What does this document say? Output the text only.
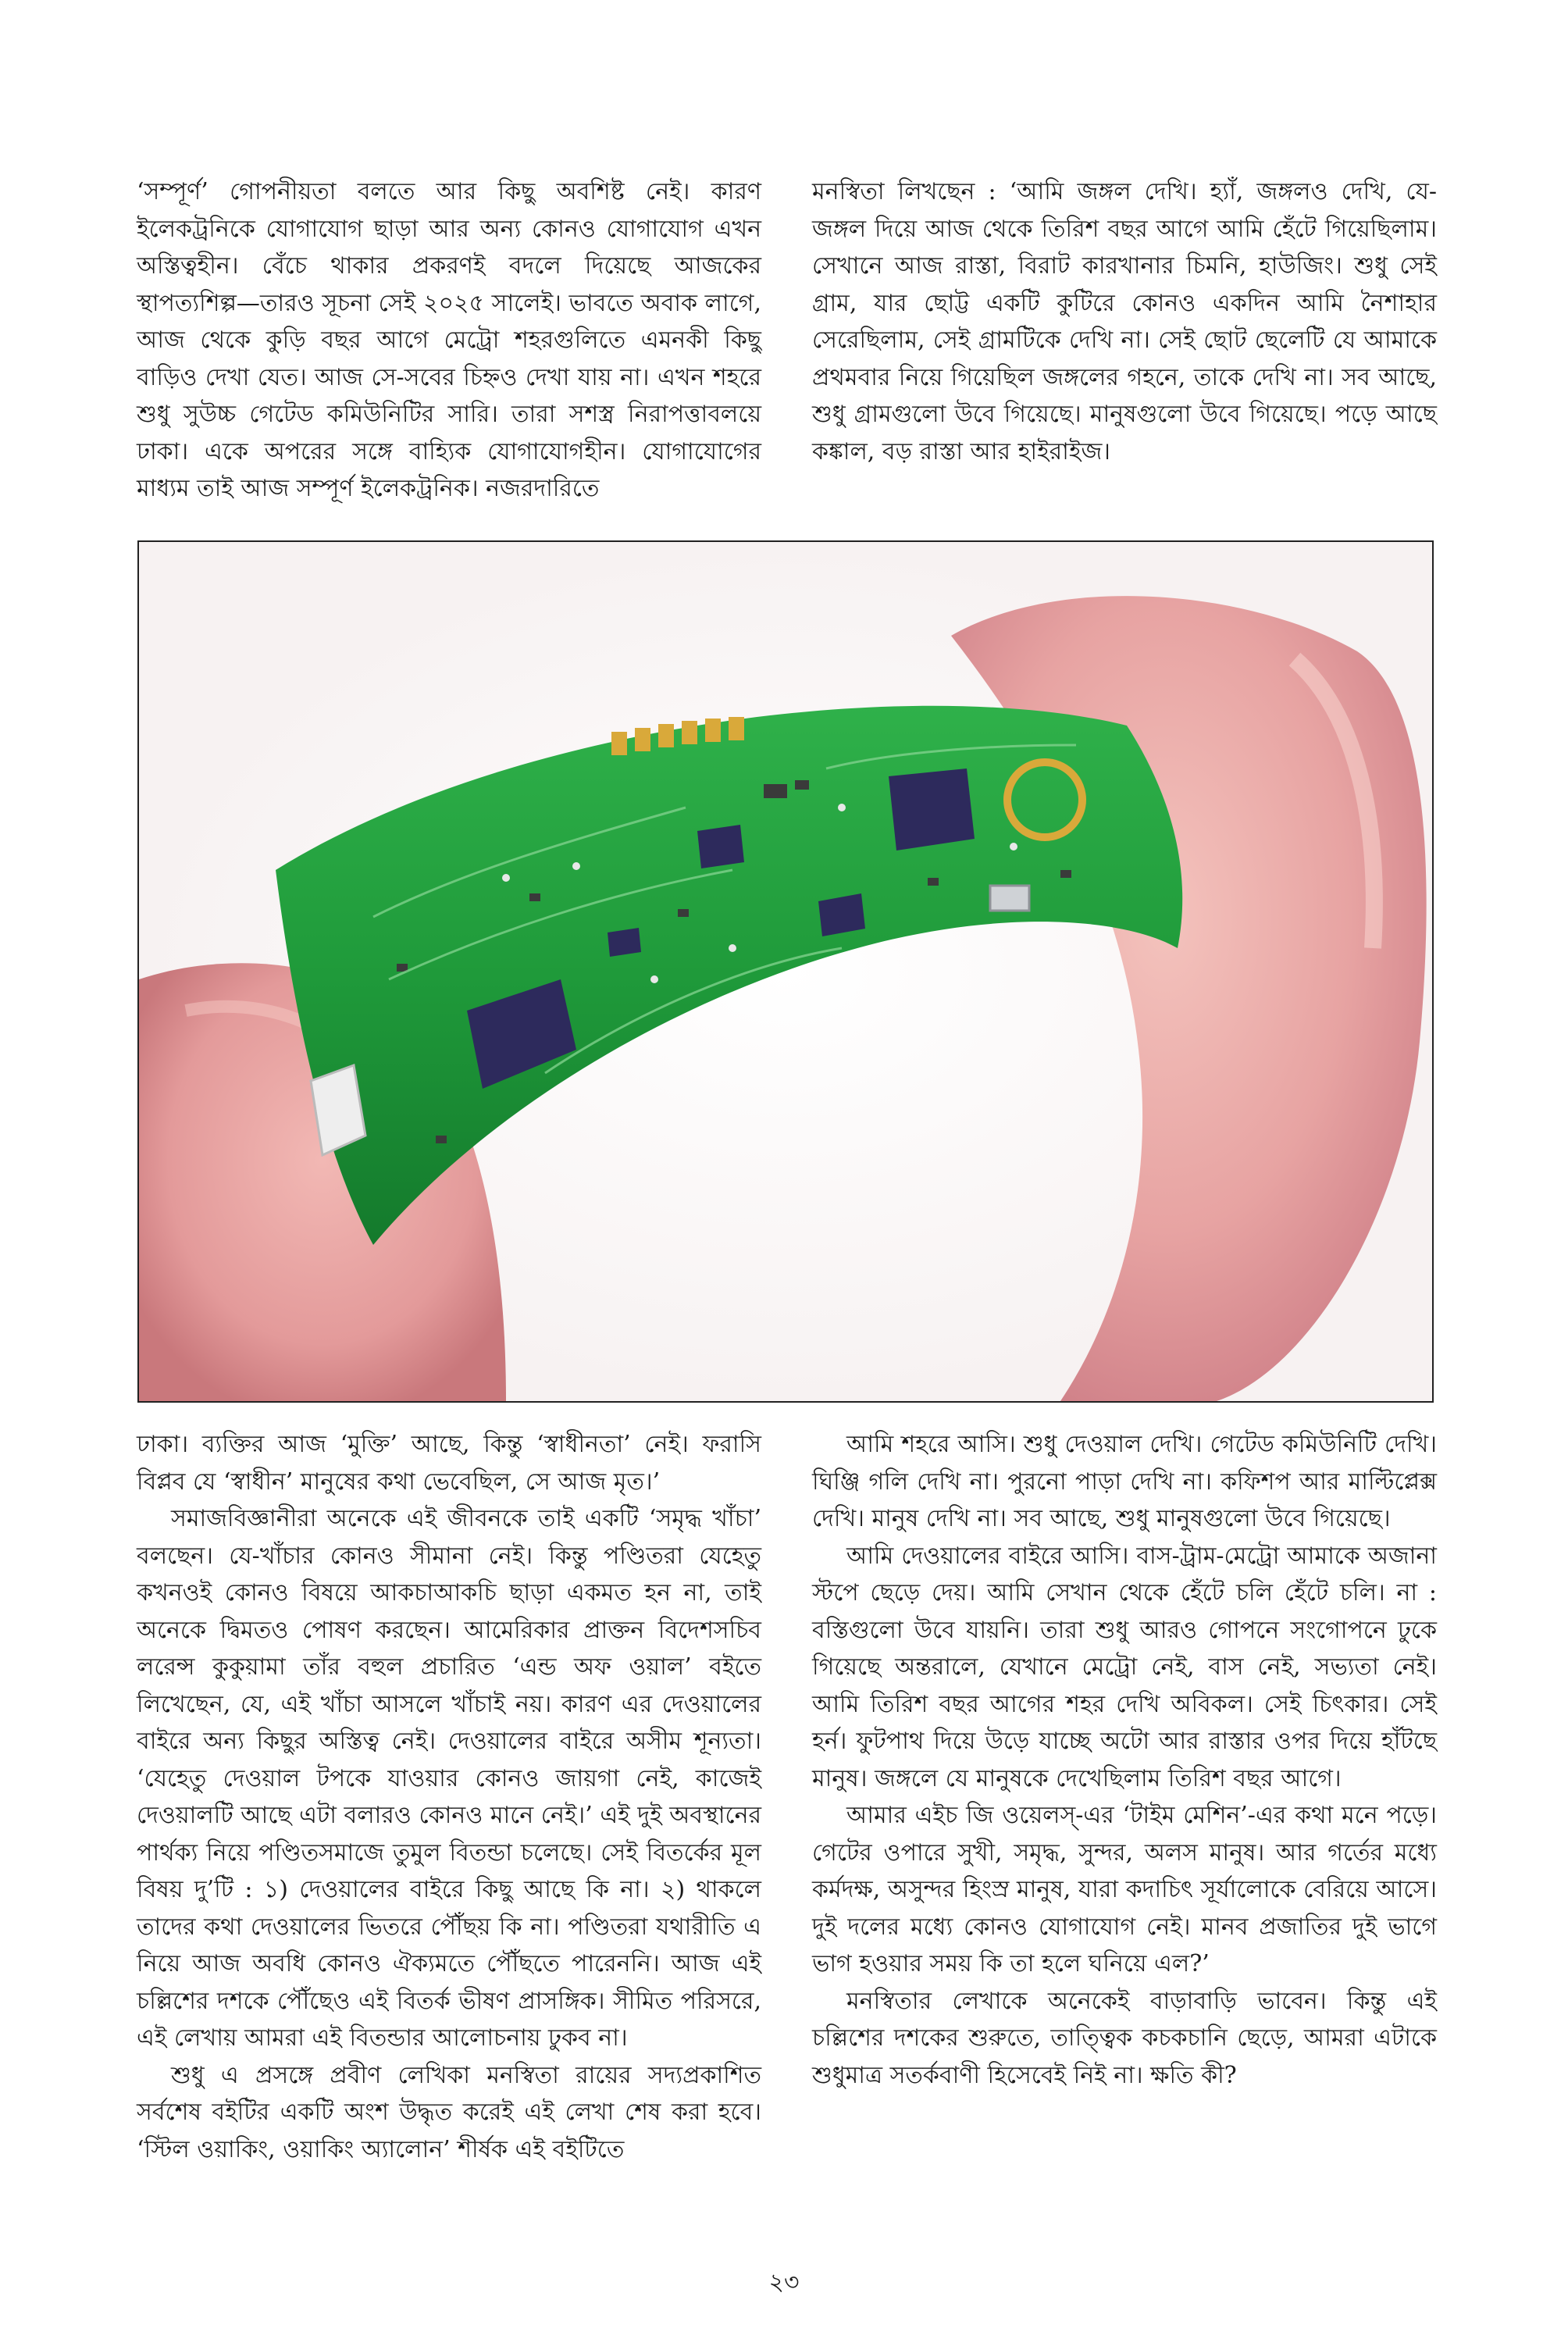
‘সম্পূর্ণ’ গোপনীয়তা বলতে আর কিছু অবশিষ্ট নেই। কারণ ইলেকট্রনিকে যোগাযোগ ছাড়া আর অন্য কোনও যোগাযোগ এখন অস্তিত্বহীন। বেঁচে থাকার প্রকরণই বদলে দিয়েছে আজকের স্থাপত্যশিল্প—তারও সূচনা সেই ২০২৫ সালেই। ভাবতে অবাক লাগে, আজ থেকে কুড়ি বছর আগে মেট্রো শহরগুলিতে এমনকী কিছু বাড়িও দেখা যেত। আজ সে-সবের চিহ্নও দেখা যায় না। এখন শহরে শুধু সুউচ্চ গেটেড কমিউনিটির সারি। তারা সশস্ত্র নিরাপত্তাবলয়ে ঢাকা। একে অপরের সঙ্গে বাহ্যিক যোগাযোগহীন। যোগাযোগের মাধ্যম তাই আজ সম্পূর্ণ ইলেকট্রনিক। নজরদারিতে

মনস্বিতা লিখছেন : ‘আমি জঙ্গল দেখি। হ্যাঁ, জঙ্গলও দেখি, যে-জঙ্গল দিয়ে আজ থেকে তিরিশ বছর আগে আমি হেঁটে গিয়েছিলাম। সেখানে আজ রাস্তা, বিরাট কারখানার চিমনি, হাউজিং। শুধু সেই গ্রাম, যার ছোট্ট একটি কুটিরে কোনও একদিন আমি নৈশাহার সেরেছিলাম, সেই গ্রামটিকে দেখি না। সেই ছোট ছেলেটি যে আমাকে প্রথমবার নিয়ে গিয়েছিল জঙ্গলের গহনে, তাকে দেখি না। সব আছে, শুধু গ্রামগুলো উবে গিয়েছে। মানুষগুলো উবে গিয়েছে। পড়ে আছে কঙ্কাল, বড় রাস্তা আর হাইরাইজ।

ঢাকা। ব্যক্তির আজ ‘মুক্তি’ আছে, কিন্তু ‘স্বাধীনতা’ নেই। ফরাসি বিপ্লব যে ‘স্বাধীন’ মানুষের কথা ভেবেছিল, সে আজ মৃত।’

সমাজবিজ্ঞানীরা অনেকে এই জীবনকে তাই একটি ‘সমৃদ্ধ খাঁচা’ বলছেন। যে-খাঁচার কোনও সীমানা নেই। কিন্তু পণ্ডিতরা যেহেতু কখনওই কোনও বিষয়ে আকচাআকচি ছাড়া একমত হন না, তাই অনেকে দ্বিমতও পোষণ করছেন। আমেরিকার প্রাক্তন বিদেশসচিব লরেন্স কুকুয়ামা তাঁর বহুল প্রচারিত ‘এন্ড অফ ওয়াল’ বইতে লিখেছেন, যে, এই খাঁচা আসলে খাঁচাই নয়। কারণ এর দেওয়ালের বাইরে অন্য কিছুর অস্তিত্ব নেই। দেওয়ালের বাইরে অসীম শূন্যতা। ‘যেহেতু দেওয়াল টপকে যাওয়ার কোনও জায়গা নেই, কাজেই দেওয়ালটি আছে এটা বলারও কোনও মানে নেই।’ এই দুই অবস্থানের পার্থক্য নিয়ে পণ্ডিতসমাজে তুমুল বিতন্ডা চলেছে। সেই বিতর্কের মূল বিষয় দু’টি : ১) দেওয়ালের বাইরে কিছু আছে কি না। ২) থাকলে তাদের কথা দেওয়ালের ভিতরে পৌঁছয় কি না। পণ্ডিতরা যথারীতি এ নিয়ে আজ অবধি কোনও ঐক্যমতে পৌঁছতে পারেননি। আজ এই চল্লিশের দশকে পৌঁছেও এই বিতর্ক ভীষণ প্রাসঙ্গিক। সীমিত পরিসরে, এই লেখায় আমরা এই বিতন্ডার আলোচনায় ঢুকব না।

শুধু এ প্রসঙ্গে প্রবীণ লেখিকা মনস্বিতা রায়ের সদ্যপ্রকাশিত সর্বশেষ বইটির একটি অংশ উদ্ধৃত করেই এই লেখা শেষ করা হবে। ‘স্টিল ওয়াকিং, ওয়াকিং অ্যালোন’ শীর্ষক এই বইটিতে

আমি শহরে আসি। শুধু দেওয়াল দেখি। গেটেড কমিউনিটি দেখি। ঘিঞ্জি গলি দেখি না। পুরনো পাড়া দেখি না। কফিশপ আর মাল্টিপ্লেক্স দেখি। মানুষ দেখি না। সব আছে, শুধু মানুষগুলো উবে গিয়েছে।

আমি দেওয়ালের বাইরে আসি। বাস-ট্রাম-মেট্রো আমাকে অজানা স্টপে ছেড়ে দেয়। আমি সেখান থেকে হেঁটে চলি হেঁটে চলি। না : বস্তিগুলো উবে যায়নি। তারা শুধু আরও গোপনে সংগোপনে ঢুকে গিয়েছে অন্তরালে, যেখানে মেট্রো নেই, বাস নেই, সভ্যতা নেই। আমি তিরিশ বছর আগের শহর দেখি অবিকল। সেই চিৎকার। সেই হর্ন। ফুটপাথ দিয়ে উড়ে যাচ্ছে অটো আর রাস্তার ওপর দিয়ে হাঁটছে মানুষ। জঙ্গলে যে মানুষকে দেখেছিলাম তিরিশ বছর আগে।

আমার এইচ জি ওয়েলস্-এর ‘টাইম মেশিন’-এর কথা মনে পড়ে। গেটের ওপারে সুখী, সমৃদ্ধ, সুন্দর, অলস মানুষ। আর গর্তের মধ্যে কর্মদক্ষ, অসুন্দর হিংস্র মানুষ, যারা কদাচিৎ সূর্যালোকে বেরিয়ে আসে। দুই দলের মধ্যে কোনও যোগাযোগ নেই। মানব প্রজাতির দুই ভাগে ভাগ হওয়ার সময় কি তা হলে ঘনিয়ে এল?’

মনস্বিতার লেখাকে অনেকেই বাড়াবাড়ি ভাবেন। কিন্তু এই চল্লিশের দশকের শুরুতে, তাত্ত্বিক কচকচানি ছেড়ে, আমরা এটাকে শুধুমাত্র সতর্কবাণী হিসেবেই নিই না। ক্ষতি কী?

২৩
